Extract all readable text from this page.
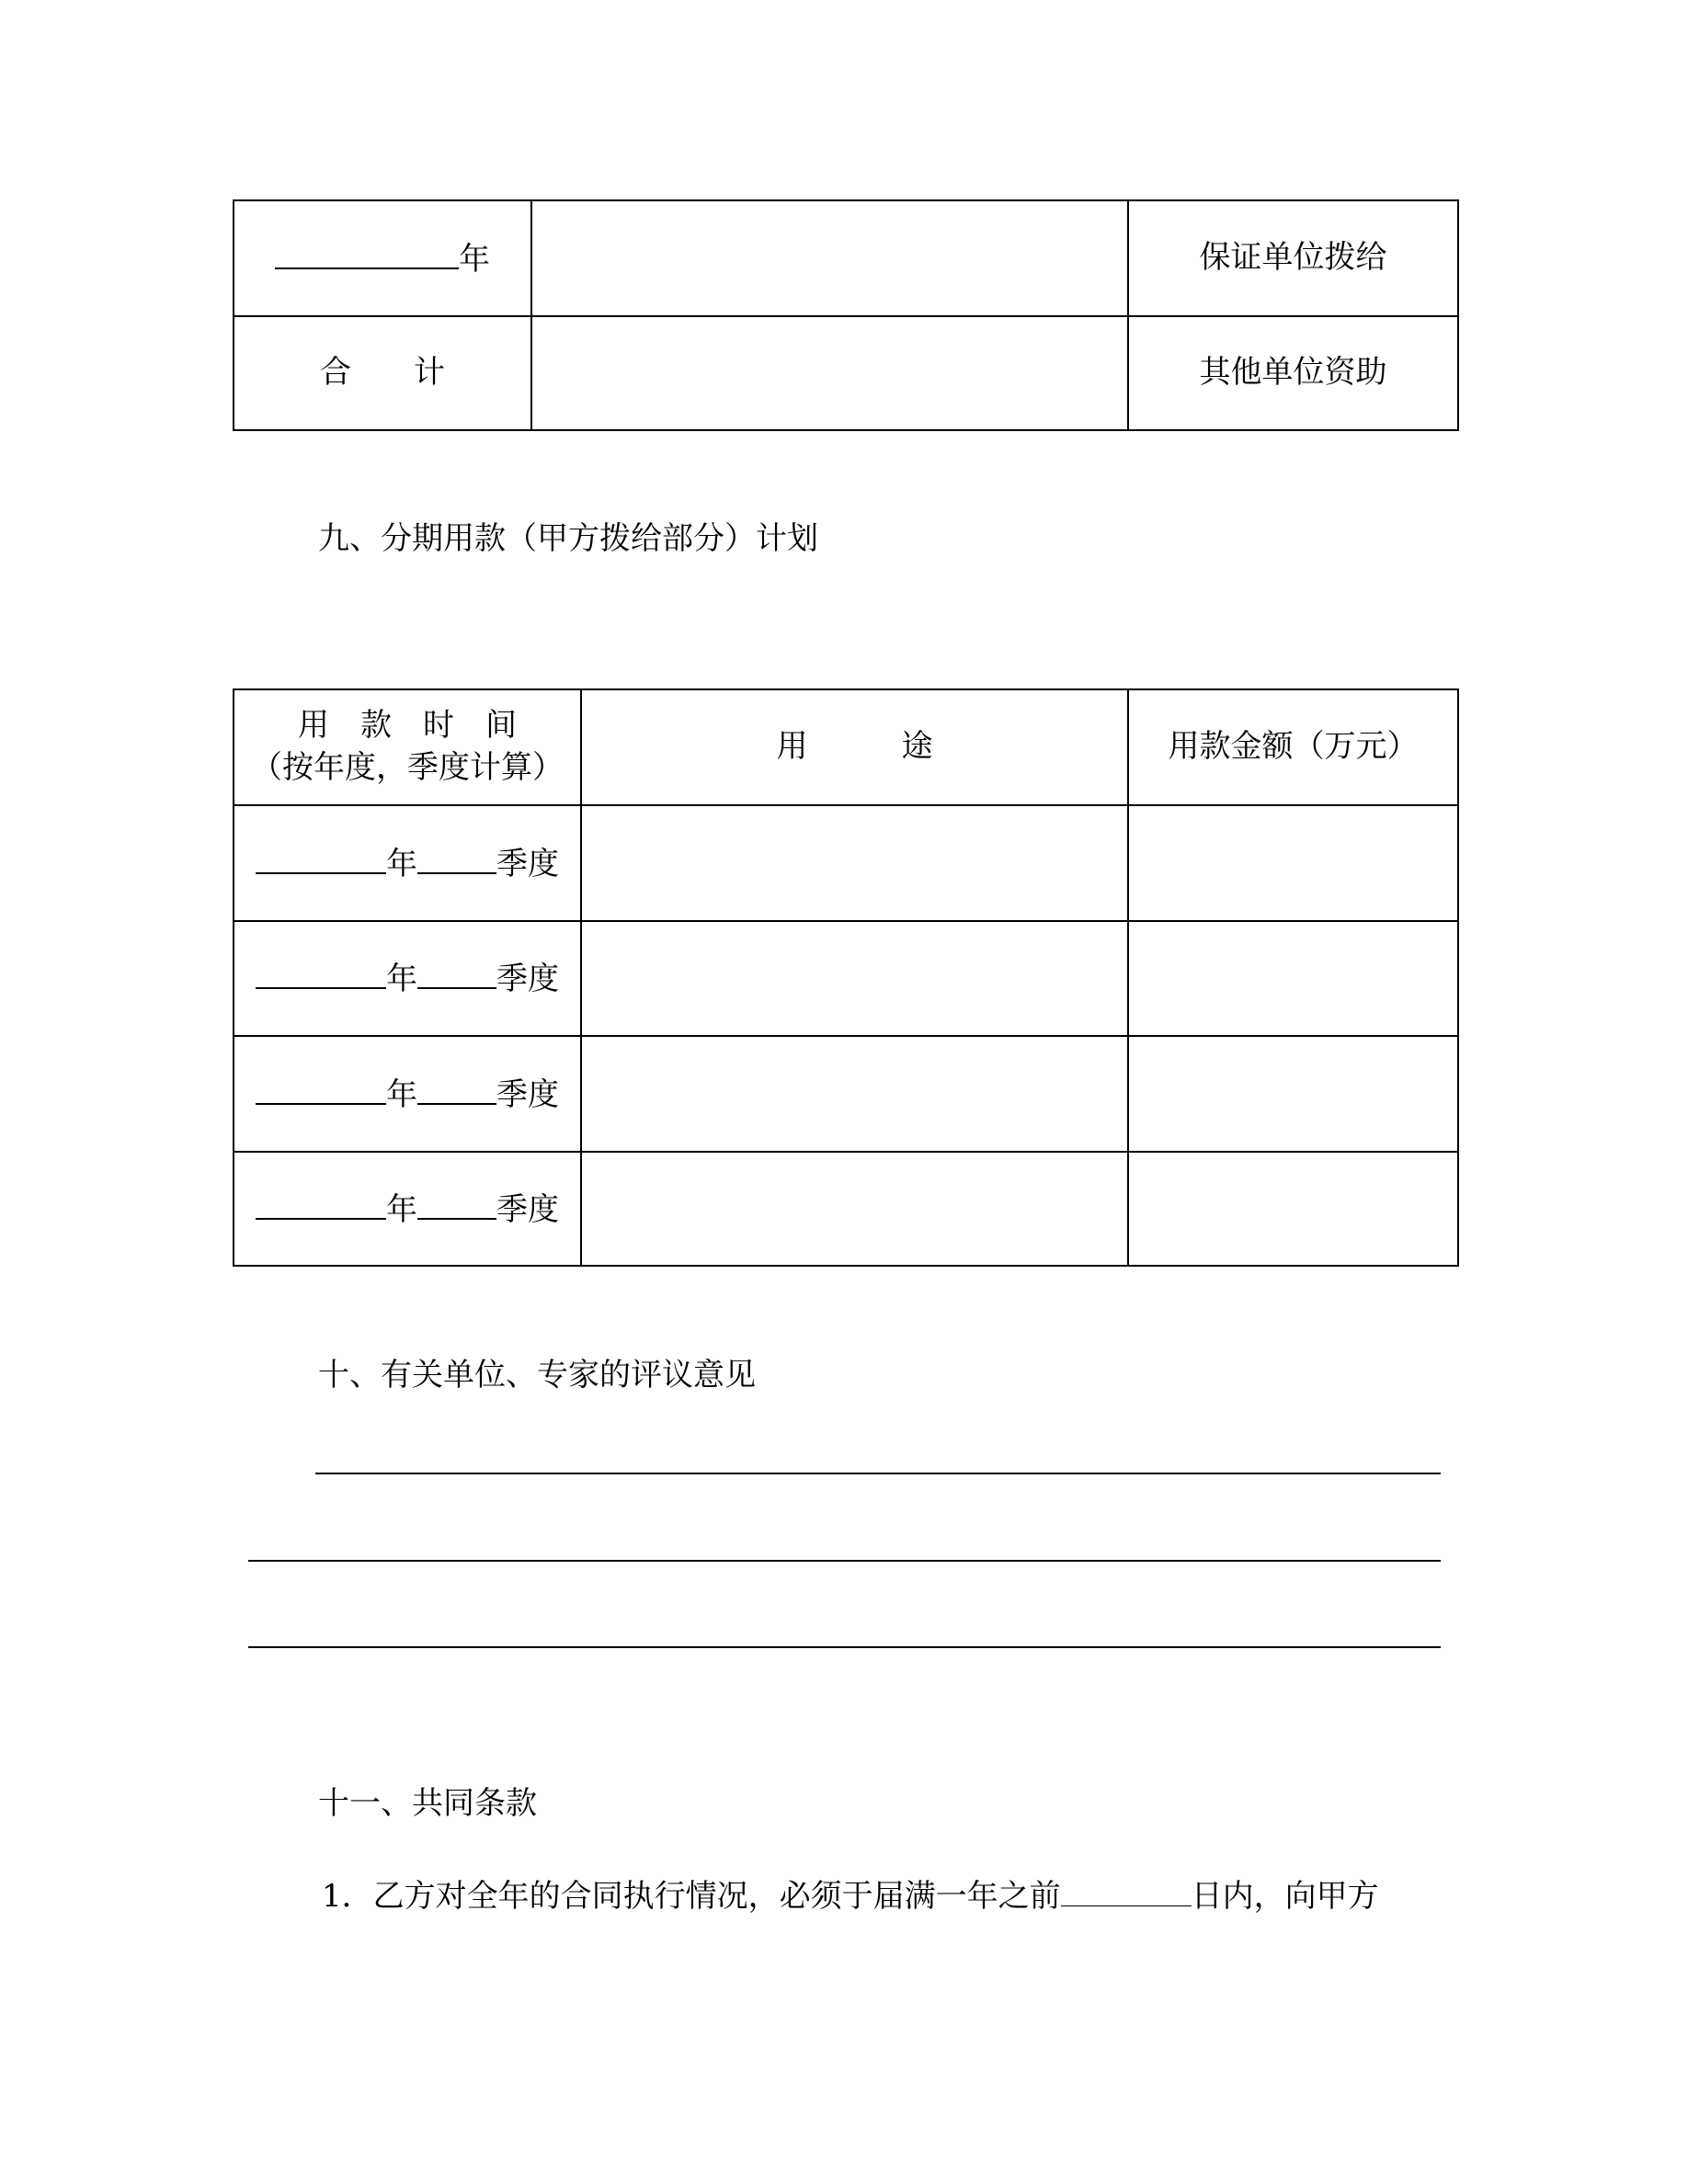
年		保证单位拨给
合　　计		其他单位资助
九、分期用款（甲方拨给部分）计划
用　款　时　间
（按年度，季度计算）	用　　　途	用款金额（万元）
年 季度		
年 季度		
年 季度		
年 季度		
十、有关单位、专家的评议意见
十一、共同条款
1．乙方对全年的合同执行情况，必须于届满一年之前	日内，向甲方
